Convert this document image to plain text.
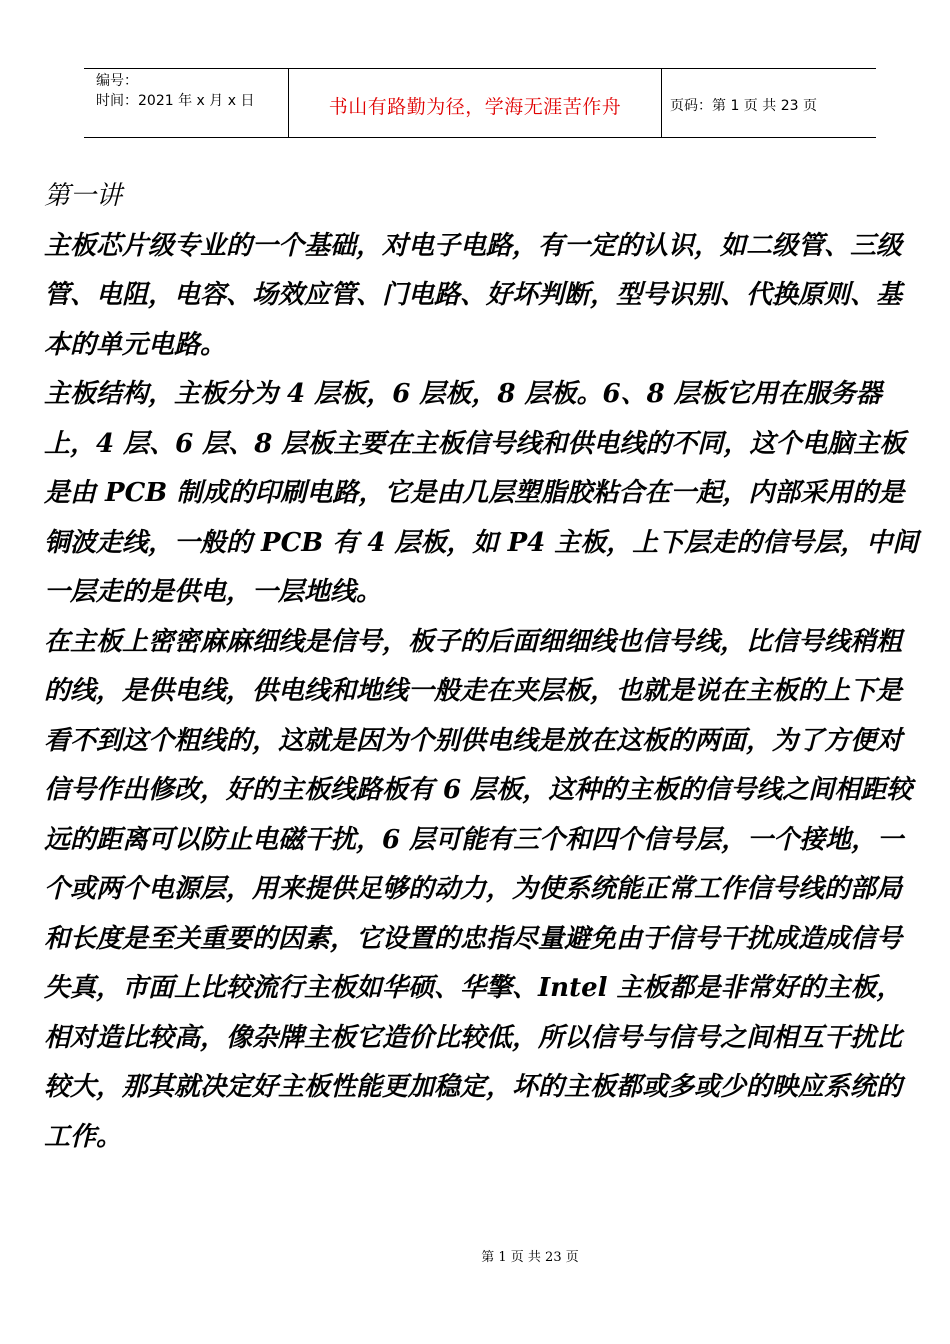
编号：
时间：2021 年 x 月 x 日	书山有路勤为径，学海无涯苦作舟	页码：第 1 页 共 23 页

第一讲

主板芯片级专业的一个基础，对电子电路，有一定的认识，如二级管、三级管、电阻，电容、场效应管、门电路、好坏判断，型号识别、代换原则、基本的单元电路。

主板结构，主板分为 4 层板，6 层板，8 层板。6、8 层板它用在服务器上，4 层、6 层、8 层板主要在主板信号线和供电线的不同，这个电脑主板是由 PCB 制成的印刷电路，它是由几层塑脂胶粘合在一起，内部采用的是铜波走线，一般的 PCB 有 4 层板，如 P4 主板，上下层走的信号层，中间一层走的是供电，一层地线。

在主板上密密麻麻细线是信号，板子的后面细细线也信号线，比信号线稍粗的线，是供电线，供电线和地线一般走在夹层板，也就是说在主板的上下是看不到这个粗线的，这就是因为个别供电线是放在这板的两面，为了方便对信号作出修改，好的主板线路板有 6 层板，这种的主板的信号线之间相距较远的距离可以防止电磁干扰，6 层可能有三个和四个信号层，一个接地，一个或两个电源层，用来提供足够的动力，为使系统能正常工作信号线的部局和长度是至关重要的因素，它设置的忠指尽量避免由于信号干扰成造成信号失真，市面上比较流行主板如华硕、华擎、Intel 主板都是非常好的主板，相对造比较高，像杂牌主板它造价比较低，所以信号与信号之间相互干扰比较大，那其就决定好主板性能更加稳定，坏的主板都或多或少的映应系统的工作。

第 1 页 共 23 页
